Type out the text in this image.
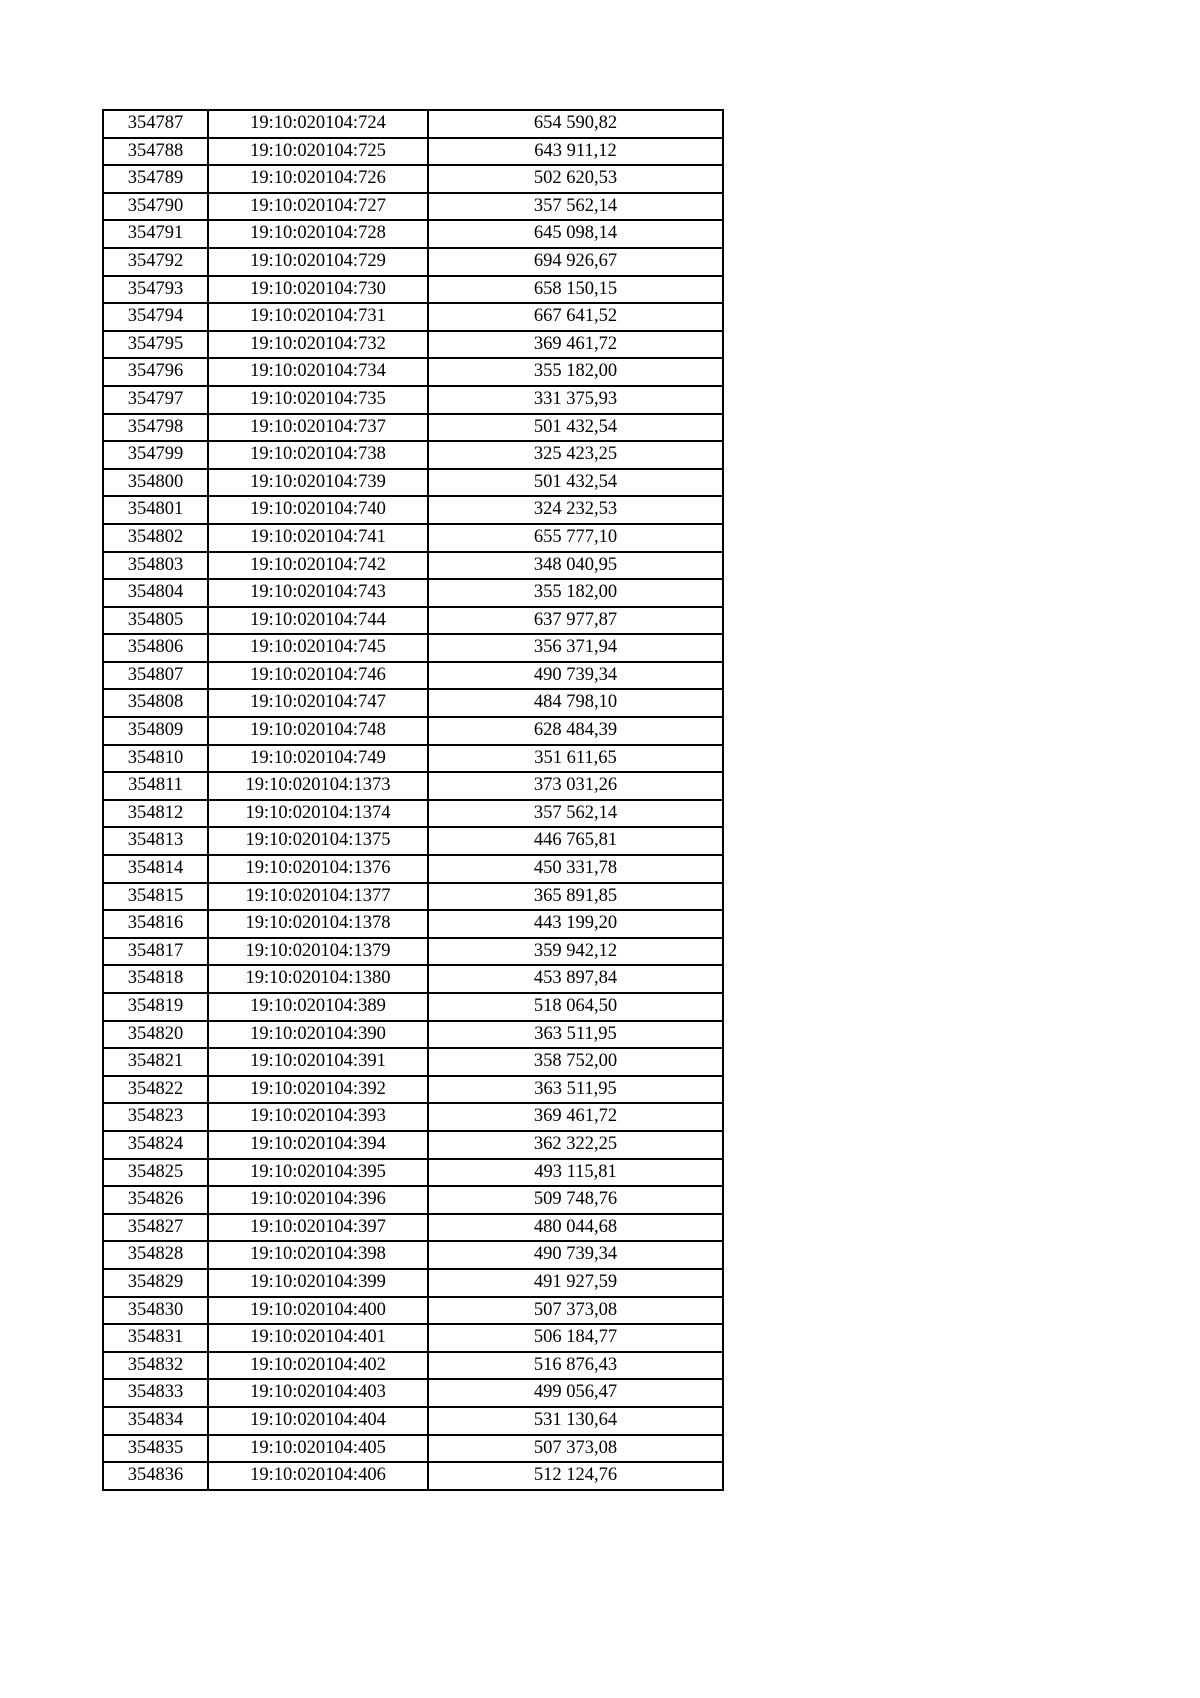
354787	19:10:020104:724	654 590,82
354788	19:10:020104:725	643 911,12
354789	19:10:020104:726	502 620,53
354790	19:10:020104:727	357 562,14
354791	19:10:020104:728	645 098,14
354792	19:10:020104:729	694 926,67
354793	19:10:020104:730	658 150,15
354794	19:10:020104:731	667 641,52
354795	19:10:020104:732	369 461,72
354796	19:10:020104:734	355 182,00
354797	19:10:020104:735	331 375,93
354798	19:10:020104:737	501 432,54
354799	19:10:020104:738	325 423,25
354800	19:10:020104:739	501 432,54
354801	19:10:020104:740	324 232,53
354802	19:10:020104:741	655 777,10
354803	19:10:020104:742	348 040,95
354804	19:10:020104:743	355 182,00
354805	19:10:020104:744	637 977,87
354806	19:10:020104:745	356 371,94
354807	19:10:020104:746	490 739,34
354808	19:10:020104:747	484 798,10
354809	19:10:020104:748	628 484,39
354810	19:10:020104:749	351 611,65
354811	19:10:020104:1373	373 031,26
354812	19:10:020104:1374	357 562,14
354813	19:10:020104:1375	446 765,81
354814	19:10:020104:1376	450 331,78
354815	19:10:020104:1377	365 891,85
354816	19:10:020104:1378	443 199,20
354817	19:10:020104:1379	359 942,12
354818	19:10:020104:1380	453 897,84
354819	19:10:020104:389	518 064,50
354820	19:10:020104:390	363 511,95
354821	19:10:020104:391	358 752,00
354822	19:10:020104:392	363 511,95
354823	19:10:020104:393	369 461,72
354824	19:10:020104:394	362 322,25
354825	19:10:020104:395	493 115,81
354826	19:10:020104:396	509 748,76
354827	19:10:020104:397	480 044,68
354828	19:10:020104:398	490 739,34
354829	19:10:020104:399	491 927,59
354830	19:10:020104:400	507 373,08
354831	19:10:020104:401	506 184,77
354832	19:10:020104:402	516 876,43
354833	19:10:020104:403	499 056,47
354834	19:10:020104:404	531 130,64
354835	19:10:020104:405	507 373,08
354836	19:10:020104:406	512 124,76
